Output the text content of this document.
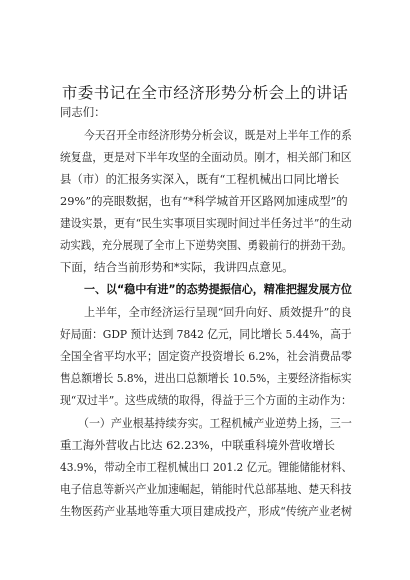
市委书记在全市经济形势分析会上的讲话
同志们：
今天召开全市经济形势分析会议，既是对上半年工作的系
统复盘，更是对下半年攻坚的全面动员。刚才，相关部门和区
县（市）的汇报务实深入，既有“工程机械出口同比增长
29%”的亮眼数据，也有“*科学城首开区路网加速成型”的
建设实景，更有“民生实事项目实现时间过半任务过半”的生动
动实践，充分展现了全市上下逆势突围、勇毅前行的拼劲干劲。
下面，结合当前形势和*实际，我讲四点意见。
一、以“稳中有进”的态势提振信心，精准把握发展方位
上半年，全市经济运行呈现“回升向好、质效提升”的良
好局面：GDP 预计达到 7842 亿元，同比增长 5.44%，高于
全国全省平均水平；固定资产投资增长 6.2%，社会消费品零
售总额增长 5.8%，进出口总额增长 10.5%，主要经济指标实
现“双过半”。这些成绩的取得，得益于三个方面的主动作为：
（一）产业根基持续夯实。工程机械产业逆势上扬，三一
重工海外营收占比达 62.23%，中联重科境外营收增长
43.9%，带动全市工程机械出口 201.2 亿元。锂能储能材料、
电子信息等新兴产业加速崛起，销能时代总部基地、楚天科技
生物医药产业基地等重大项目建成投产，形成“传统产业老树
